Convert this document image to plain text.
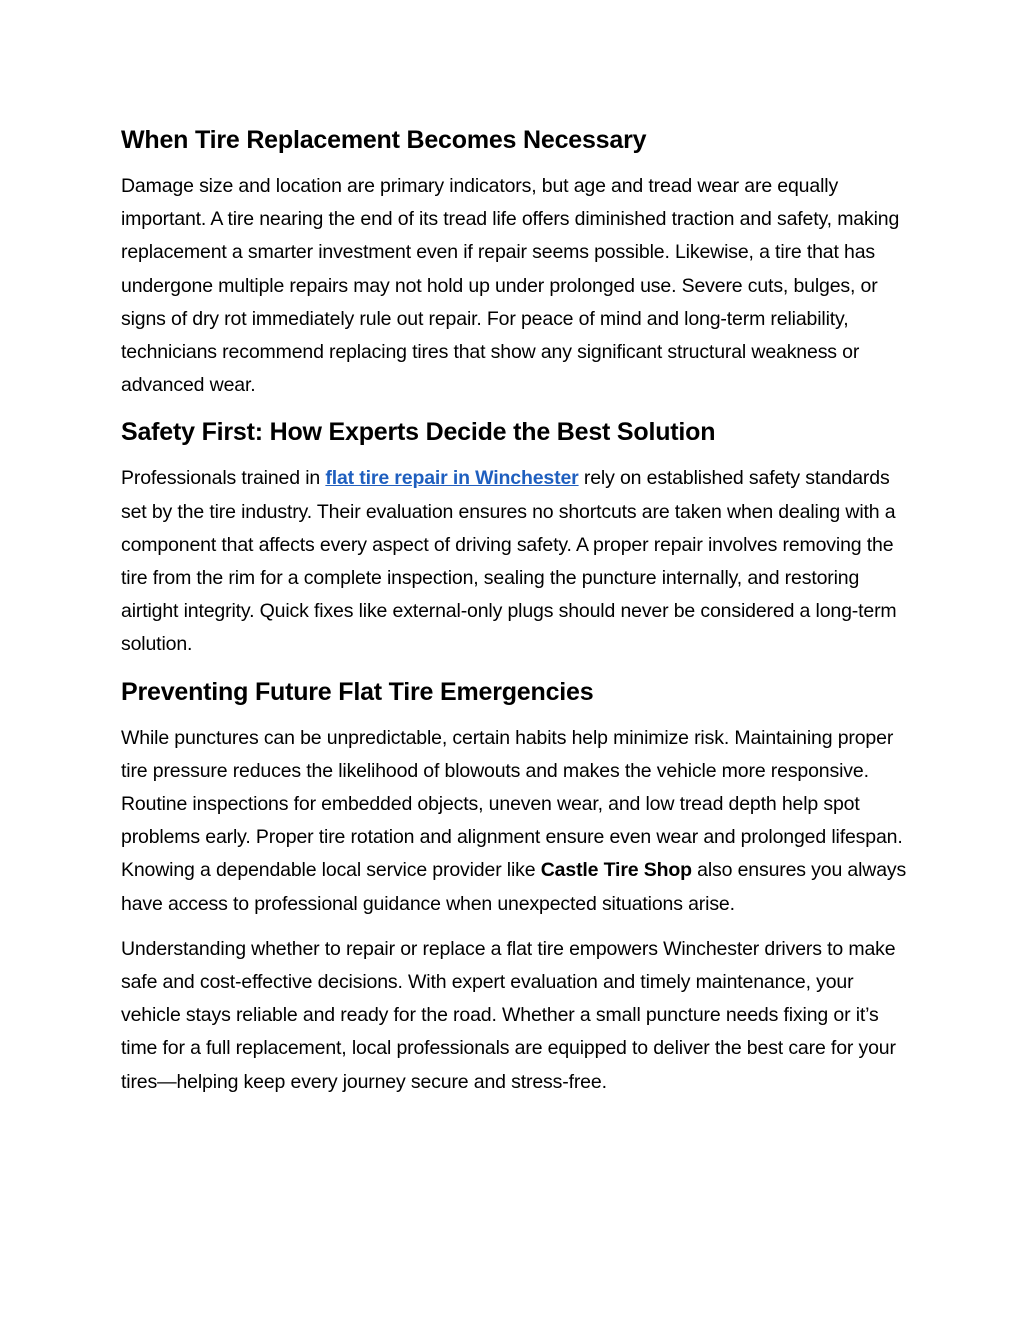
When Tire Replacement Becomes Necessary

Damage size and location are primary indicators, but age and tread wear are equally important. A tire nearing the end of its tread life offers diminished traction and safety, making replacement a smarter investment even if repair seems possible. Likewise, a tire that has undergone multiple repairs may not hold up under prolonged use. Severe cuts, bulges, or signs of dry rot immediately rule out repair. For peace of mind and long-term reliability, technicians recommend replacing tires that show any significant structural weakness or advanced wear.

Safety First: How Experts Decide the Best Solution

Professionals trained in flat tire repair in Winchester rely on established safety standards set by the tire industry. Their evaluation ensures no shortcuts are taken when dealing with a component that affects every aspect of driving safety. A proper repair involves removing the tire from the rim for a complete inspection, sealing the puncture internally, and restoring airtight integrity. Quick fixes like external-only plugs should never be considered a long-term solution.

Preventing Future Flat Tire Emergencies

While punctures can be unpredictable, certain habits help minimize risk. Maintaining proper tire pressure reduces the likelihood of blowouts and makes the vehicle more responsive. Routine inspections for embedded objects, uneven wear, and low tread depth help spot problems early. Proper tire rotation and alignment ensure even wear and prolonged lifespan. Knowing a dependable local service provider like Castle Tire Shop also ensures you always have access to professional guidance when unexpected situations arise.

Understanding whether to repair or replace a flat tire empowers Winchester drivers to make safe and cost-effective decisions. With expert evaluation and timely maintenance, your vehicle stays reliable and ready for the road. Whether a small puncture needs fixing or it’s time for a full replacement, local professionals are equipped to deliver the best care for your tires—helping keep every journey secure and stress-free.
